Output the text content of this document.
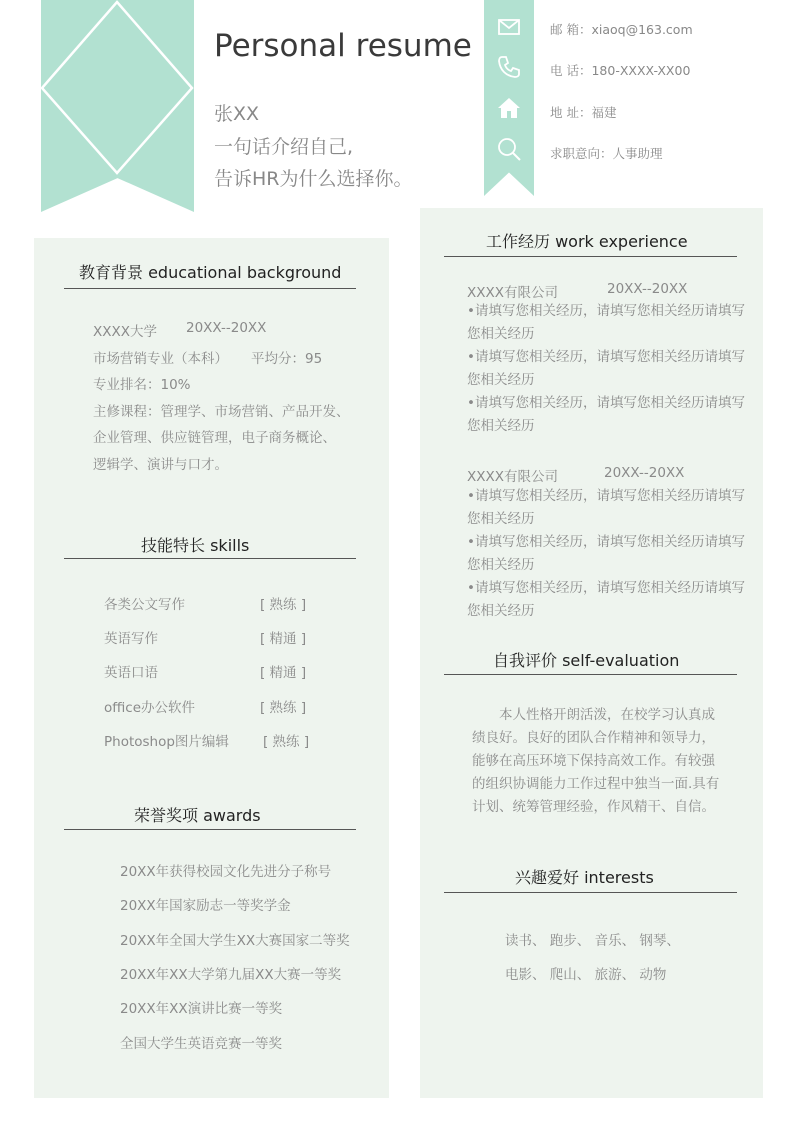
Personal resume
张XX
一句话介绍自己,
告诉HR为什么选择你。
邮 箱：xiaoq@163.com
电 话：180-XXXX-XX00
地 址：福建
求职意向：人事助理
教育背景 educational background
XXXX大学 20XX--20XX
市场营销专业（本科） 平均分：95
专业排名：10%
主修课程：管理学、市场营销、产品开发、
企业管理、供应链管理，电子商务概论、
逻辑学、演讲与口才。
技能特长 skills
各类公文写作	[ 熟练 ]
英语写作	[ 精通 ]
英语口语	[ 精通 ]
office办公软件	[ 熟练 ]
Photoshop图片编辑	[ 熟练 ]
荣誉奖项 awards
20XX年获得校园文化先进分子称号
20XX年国家励志一等奖学金
20XX年全国大学生XX大赛国家二等奖
20XX年XX大学第九届XX大赛一等奖
20XX年XX演讲比赛一等奖
全国大学生英语竞赛一等奖
工作经历 work experience
XXXX有限公司	20XX--20XX
•请填写您相关经历，请填写您相关经历请填写
您相关经历
•请填写您相关经历，请填写您相关经历请填写
您相关经历
•请填写您相关经历，请填写您相关经历请填写
您相关经历
XXXX有限公司	20XX--20XX
•请填写您相关经历，请填写您相关经历请填写
您相关经历
•请填写您相关经历，请填写您相关经历请填写
您相关经历
•请填写您相关经历，请填写您相关经历请填写
您相关经历
自我评价 self-evaluation
本人性格开朗活泼，在校学习认真成
绩良好。良好的团队合作精神和领导力，
能够在高压环境下保持高效工作。有较强
的组织协调能力工作过程中独当一面.具有
计划、统筹管理经验，作风精干、自信。
兴趣爱好 interests
读书、 跑步、 音乐、 钢琴、
电影、 爬山、 旅游、 动物
